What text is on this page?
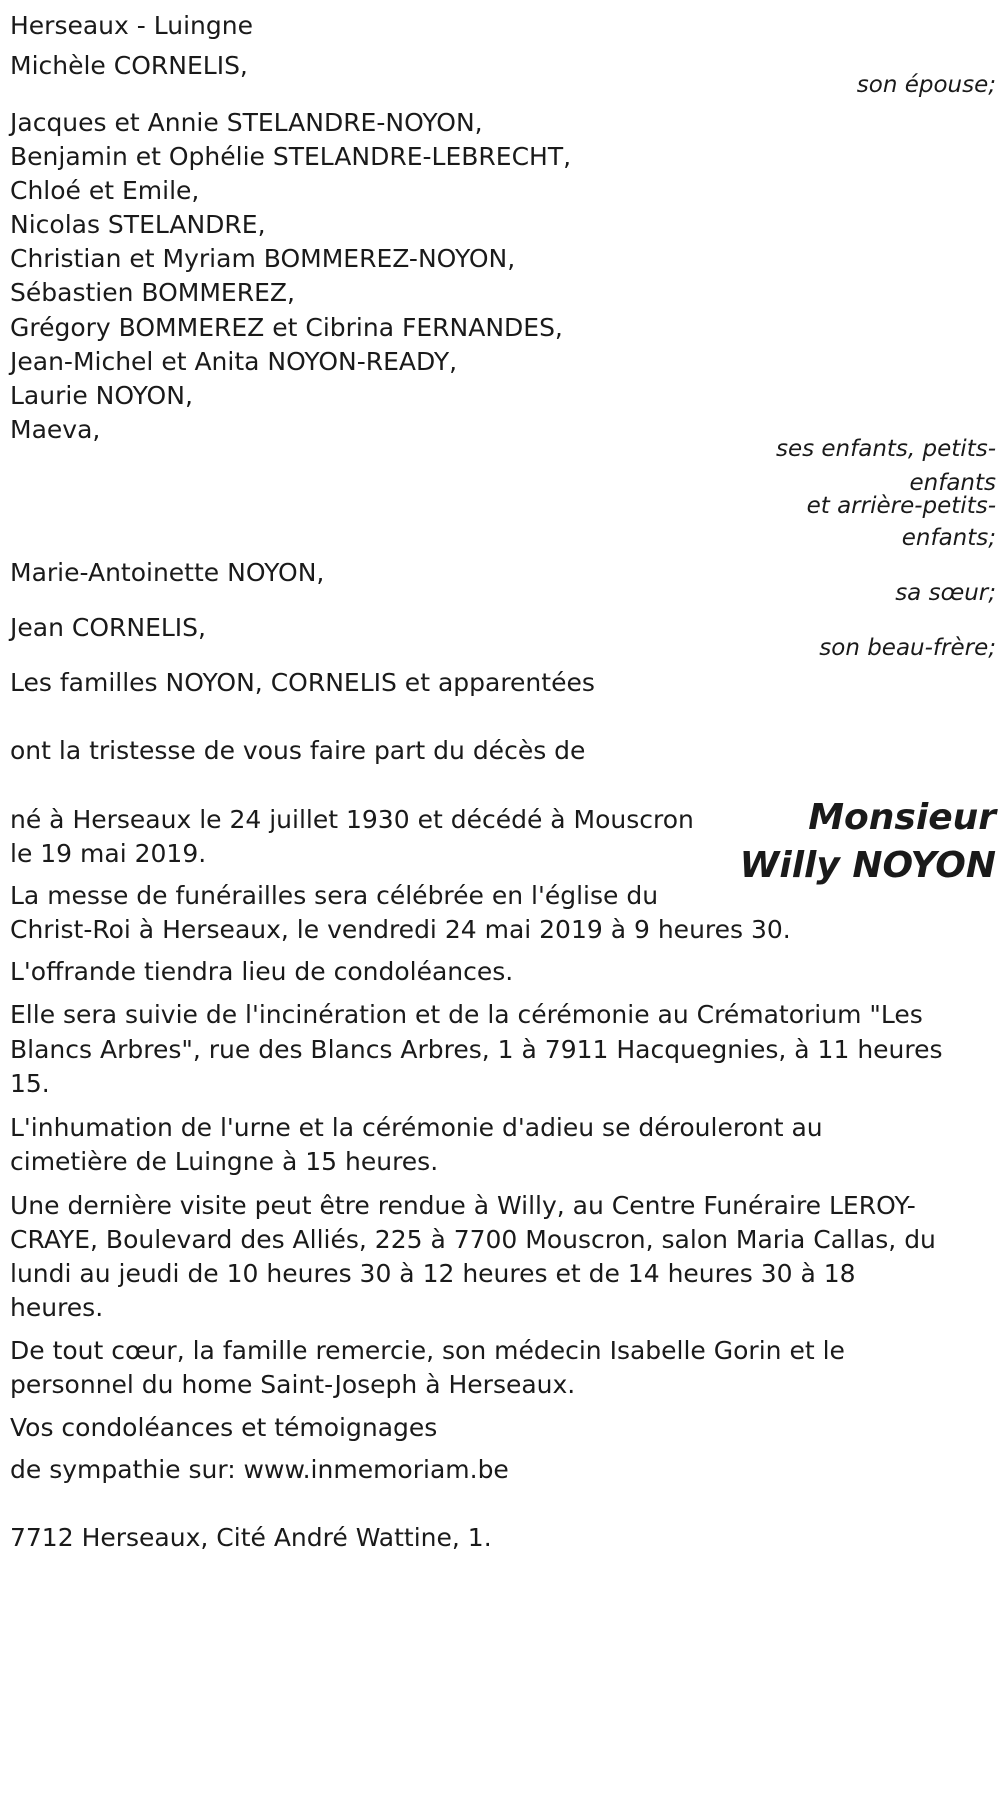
Herseaux - Luingne
Michèle CORNELIS,
son épouse;
Jacques et Annie STELANDRE-NOYON,
Benjamin et Ophélie STELANDRE-LEBRECHT,
Chloé et Emile,
Nicolas STELANDRE,
Christian et Myriam BOMMEREZ-NOYON,
Sébastien BOMMEREZ,
Grégory BOMMEREZ et Cibrina FERNANDES,
Jean-Michel et Anita NOYON-READY,
Laurie NOYON,
Maeva,
ses enfants, petits-
enfants
et arrière-petits-
enfants;
Marie-Antoinette NOYON,
sa sœur;
Jean CORNELIS,
son beau-frère;
Les familles NOYON, CORNELIS et apparentées
ont la tristesse de vous faire part du décès de
Monsieur
Willy NOYON
né à Herseaux le 24 juillet 1930 et décédé à Mouscron
le 19 mai 2019.
La messe de funérailles sera célébrée en l'église du
Christ-Roi à Herseaux, le vendredi 24 mai 2019 à 9 heures 30.
L'offrande tiendra lieu de condoléances.
Elle sera suivie de l'incinération et de la cérémonie au Crématorium "Les
Blancs Arbres", rue des Blancs Arbres, 1 à 7911 Hacquegnies, à 11 heures
15.
L'inhumation de l'urne et la cérémonie d'adieu se dérouleront au
cimetière de Luingne à 15 heures.
Une dernière visite peut être rendue à Willy, au Centre Funéraire LEROY-
CRAYE, Boulevard des Alliés, 225 à 7700 Mouscron, salon Maria Callas, du
lundi au jeudi de 10 heures 30 à 12 heures et de 14 heures 30 à 18
heures.
De tout cœur, la famille remercie, son médecin Isabelle Gorin et le
personnel du home Saint-Joseph à Herseaux.
Vos condoléances et témoignages
de sympathie sur: www.inmemoriam.be
7712 Herseaux, Cité André Wattine, 1.
